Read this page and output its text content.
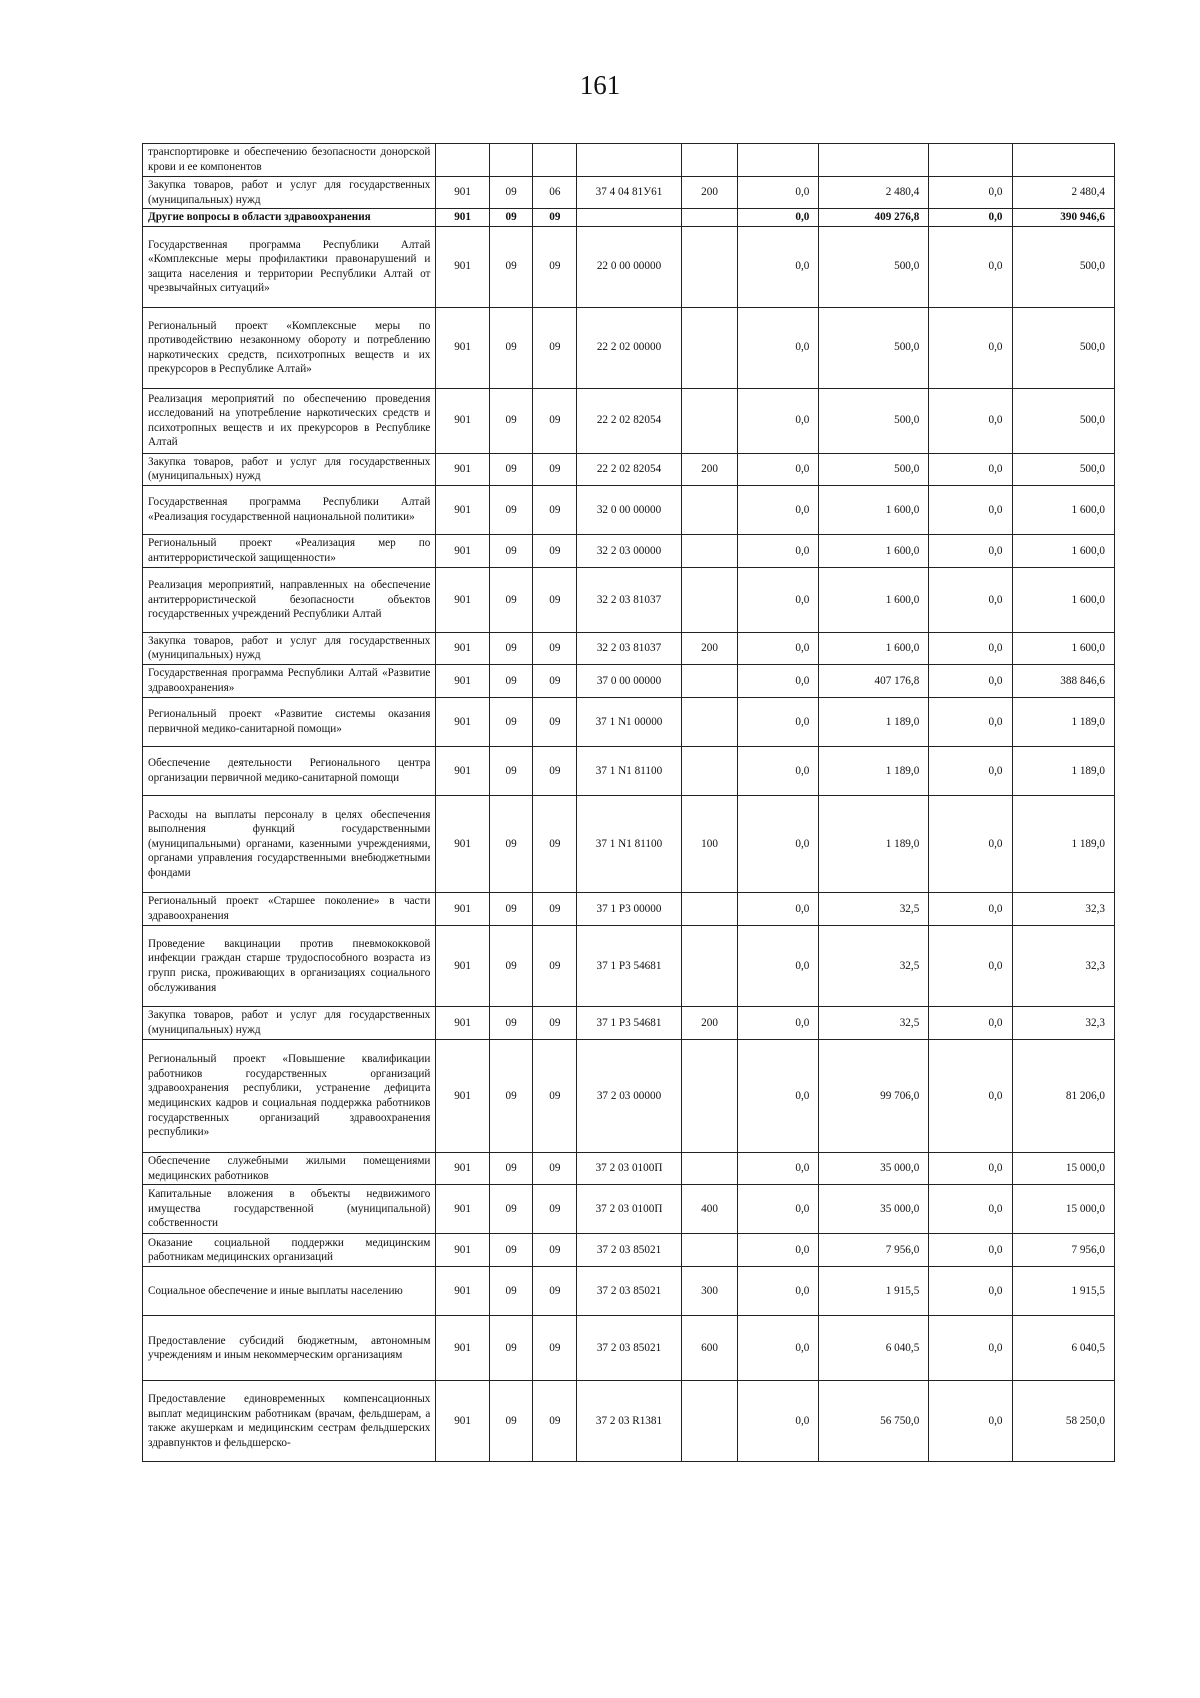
161
транспортировке и обеспечению безопасности донорской крови и ее компонентов									
Закупка товаров, работ и услуг для государственных (муниципальных) нужд	901	09	06	37 4 04 81У61	200	0,0	2 480,4	0,0	2 480,4
Другие вопросы в области здравоохранения	901	09	09			0,0	409 276,8	0,0	390 946,6
Государственная программа Республики Алтай «Комплексные меры профилактики правонарушений и защита населения и территории Республики Алтай от чрезвычайных ситуаций»	901	09	09	22 0 00 00000		0,0	500,0	0,0	500,0
Региональный проект «Комплексные меры по противодействию незаконному обороту и потреблению наркотических средств, психотропных веществ и их прекурсоров в Республике Алтай»	901	09	09	22 2 02 00000		0,0	500,0	0,0	500,0
Реализация мероприятий по обеспечению проведения исследований на употребление наркотических средств и психотропных веществ и их прекурсоров в Республике Алтай	901	09	09	22 2 02 82054		0,0	500,0	0,0	500,0
Закупка товаров, работ и услуг для государственных (муниципальных) нужд	901	09	09	22 2 02 82054	200	0,0	500,0	0,0	500,0
Государственная программа Республики Алтай «Реализация государственной национальной политики»	901	09	09	32 0 00 00000		0,0	1 600,0	0,0	1 600,0
Региональный проект «Реализация мер по антитеррористической защищенности»	901	09	09	32 2 03 00000		0,0	1 600,0	0,0	1 600,0
Реализация мероприятий, направленных на обеспечение антитеррористической безопасности объектов государственных учреждений Республики Алтай	901	09	09	32 2 03 81037		0,0	1 600,0	0,0	1 600,0
Закупка товаров, работ и услуг для государственных (муниципальных) нужд	901	09	09	32 2 03 81037	200	0,0	1 600,0	0,0	1 600,0
Государственная программа Республики Алтай «Развитие здравоохранения»	901	09	09	37 0 00 00000		0,0	407 176,8	0,0	388 846,6
Региональный проект «Развитие системы оказания первичной медико-санитарной помощи»	901	09	09	37 1 N1 00000		0,0	1 189,0	0,0	1 189,0
Обеспечение деятельности Регионального центра организации первичной медико-санитарной помощи	901	09	09	37 1 N1 81100		0,0	1 189,0	0,0	1 189,0
Расходы на выплаты персоналу в целях обеспечения выполнения функций государственными (муниципальными) органами, казенными учреждениями, органами управления государственными внебюджетными фондами	901	09	09	37 1 N1 81100	100	0,0	1 189,0	0,0	1 189,0
Региональный проект «Старшее поколение» в части здравоохранения	901	09	09	37 1 P3 00000		0,0	32,5	0,0	32,3
Проведение вакцинации против пневмококковой инфекции граждан старше трудоспособного возраста из групп риска, проживающих в организациях социального обслуживания	901	09	09	37 1 P3 54681		0,0	32,5	0,0	32,3
Закупка товаров, работ и услуг для государственных (муниципальных) нужд	901	09	09	37 1 P3 54681	200	0,0	32,5	0,0	32,3
Региональный проект «Повышение квалификации работников государственных организаций здравоохранения республики, устранение дефицита медицинских кадров и социальная поддержка работников государственных организаций здравоохранения республики»	901	09	09	37 2 03 00000		0,0	99 706,0	0,0	81 206,0
Обеспечение служебными жилыми помещениями медицинских работников	901	09	09	37 2 03 0100П		0,0	35 000,0	0,0	15 000,0
Капитальные вложения в объекты недвижимого имущества государственной (муниципальной) собственности	901	09	09	37 2 03 0100П	400	0,0	35 000,0	0,0	15 000,0
Оказание социальной поддержки медицинским работникам медицинских организаций	901	09	09	37 2 03 85021		0,0	7 956,0	0,0	7 956,0
Социальное обеспечение и иные выплаты населению	901	09	09	37 2 03 85021	300	0,0	1 915,5	0,0	1 915,5
Предоставление субсидий бюджетным, автономным учреждениям и иным некоммерческим организациям	901	09	09	37 2 03 85021	600	0,0	6 040,5	0,0	6 040,5
Предоставление единовременных компенсационных выплат медицинским работникам (врачам, фельдшерам, а также акушеркам и медицинским сестрам фельдшерских здравпунктов и фельдшерско-	901	09	09	37 2 03 R1381		0,0	56 750,0	0,0	58 250,0
